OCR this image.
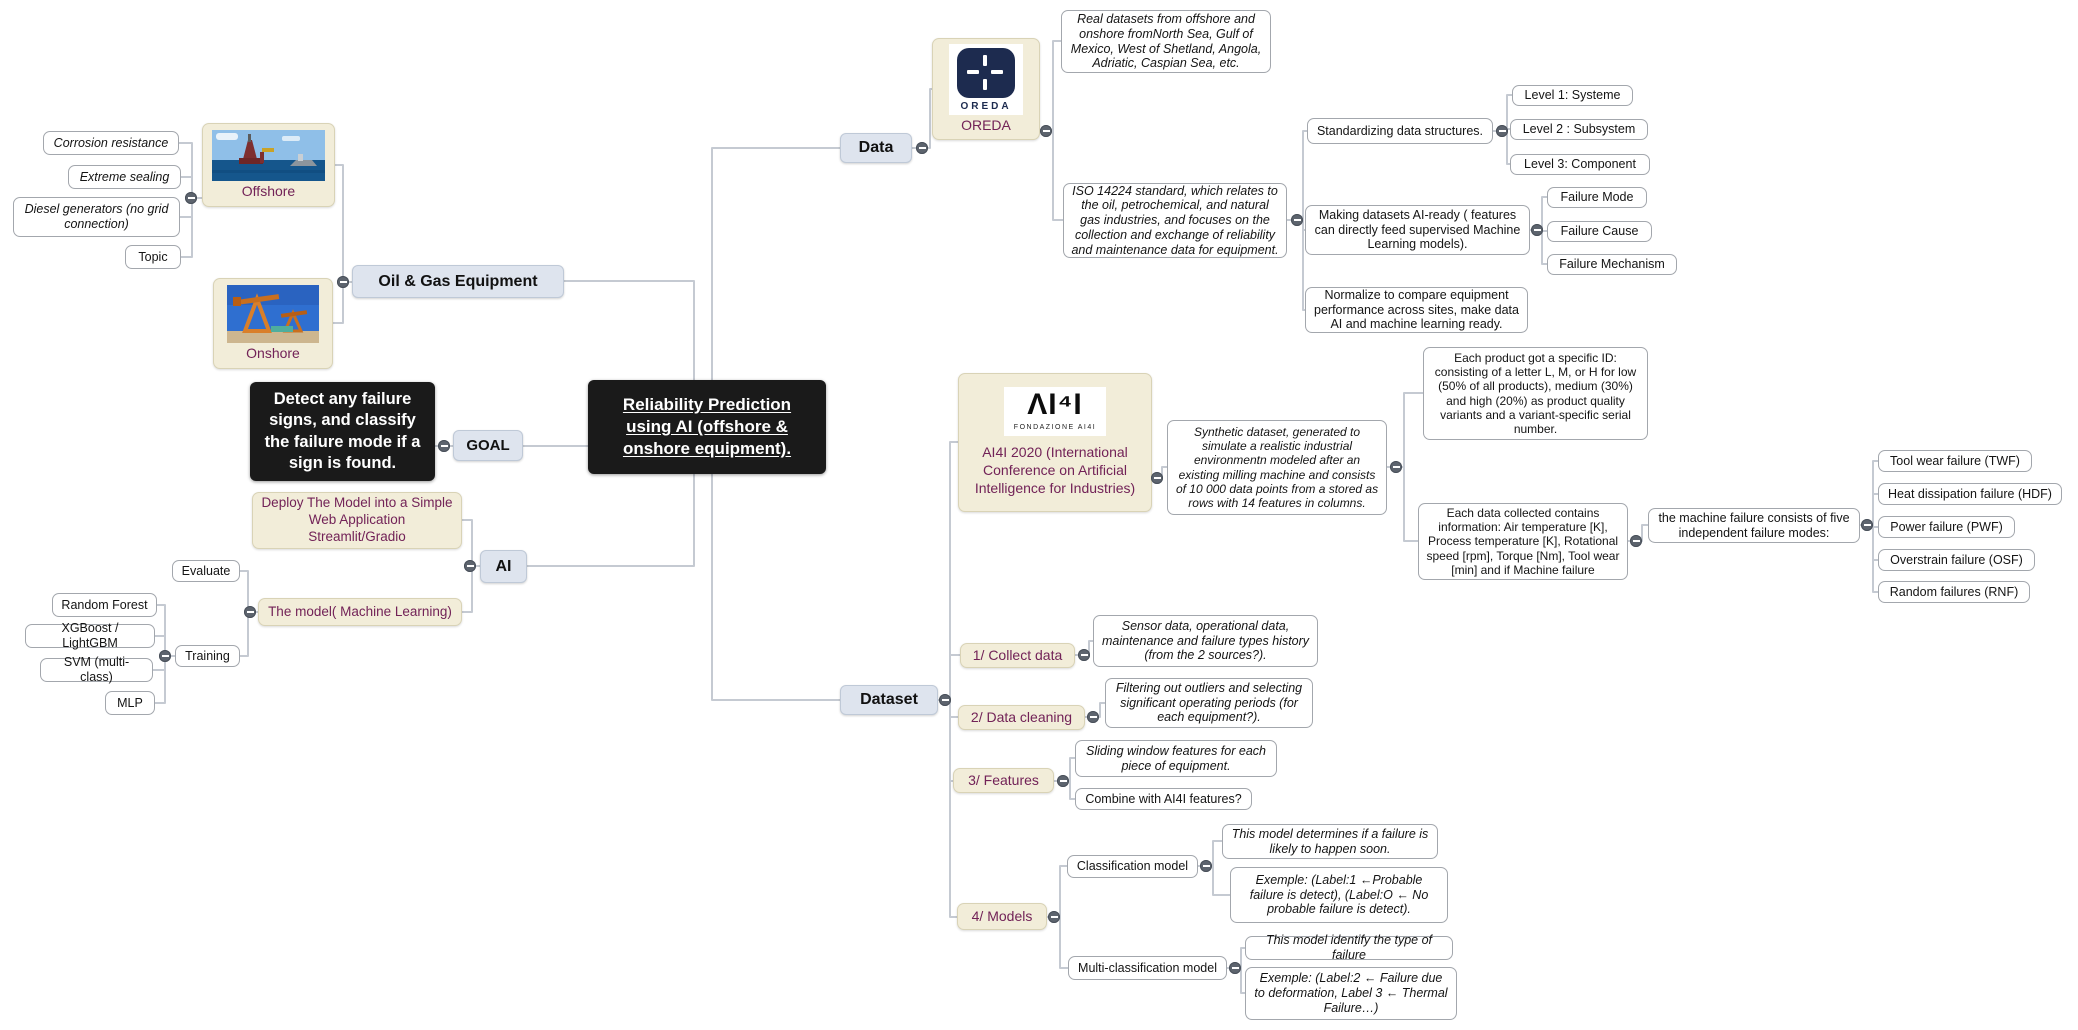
Reliability Prediction using AI (offshore & onshore equipment).
GOAL
Detect any failure signs, and classify the failure mode if a sign is found.
Oil & Gas Equipment
Offshore
Onshore
Corrosion resistance
Extreme sealing
Diesel generators (no grid connection)
Topic
AI
Deploy The Model into a Simple Web Application Streamlit/Gradio
The model( Machine Learning)
Evaluate
Training
Random Forest
XGBoost / LightGBM
SVM (multi-class)
MLP
Data
OREDA
OREDA
Real datasets from offshore and onshore fromNorth Sea, Gulf of Mexico, West of Shetland, Angola, Adriatic, Caspian Sea, etc.
ISO 14224 standard, which relates to the oil, petrochemical, and natural gas industries, and focuses on the collection and exchange of reliability and maintenance data for equipment.
Standardizing data structures.
Level 1: Systeme
Level 2 : Subsystem
Level 3: Component
Making datasets AI-ready ( features can directly feed supervised Machine Learning models).
Failure Mode
Failure Cause
Failure Mechanism
Normalize to compare equipment performance across sites, make data AI and machine learning ready.
Dataset
ΛI⁴I
FONDAZIONE AI4I
AI4I 2020 (International Conference on Artificial Intelligence for Industries)
Synthetic dataset, generated to simulate a realistic industrial environmentn modeled after an existing milling machine and consists of 10 000 data points from a stored as rows with 14 features in columns.
Each product got a specific ID: consisting of a letter L, M, or H for low (50% of all products), medium (30%) and high (20%) as product quality variants and a variant-specific serial number.
Each data collected contains information: Air temperature [K], Process temperature [K], Rotational speed [rpm], Torque [Nm], Tool wear [min] and if Machine failure
the machine failure consists of five independent failure modes:
Tool wear failure (TWF)
Heat dissipation failure (HDF)
Power failure (PWF)
Overstrain failure (OSF)
Random failures (RNF)
1/ Collect data
Sensor data, operational data, maintenance and failure types history (from the 2 sources?).
2/ Data cleaning
Filtering out outliers and selecting significant operating periods (for each equipment?).
3/ Features
Sliding window features for each piece of equipment.
Combine with AI4I features?
4/ Models
Classification model
This model determines if a failure is likely to happen soon.
Exemple: (Label:1 ←Probable failure is detect), (Label:O ← No probable failure is detect).
Multi-classification model
This model identify the type of failure
Exemple: (Label:2 ← Failure due to deformation, Label 3 ← Thermal Failure…)
